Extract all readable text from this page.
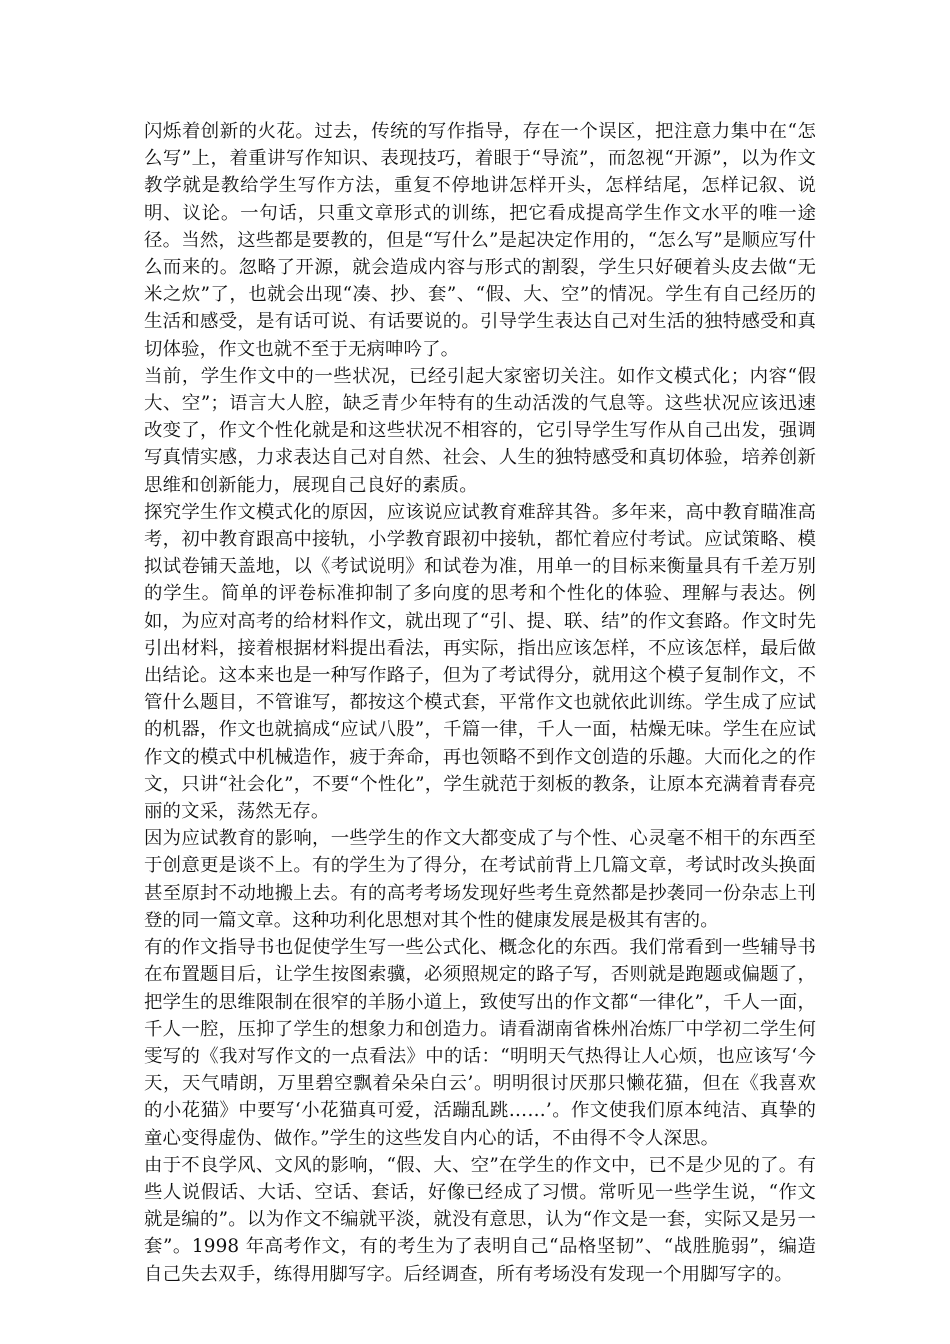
闪烁着创新的火花。过去，传统的写作指导，存在一个误区，把注意力集中在“怎么写”上，着重讲写作知识、表现技巧，着眼于“导流”，而忽视“开源”，以为作文教学就是教给学生写作方法，重复不停地讲怎样开头，怎样结尾，怎样记叙、说明、议论。一句话，只重文章形式的训练，把它看成提高学生作文水平的唯一途径。当然，这些都是要教的，但是“写什么”是起决定作用的，“怎么写”是顺应写什么而来的。忽略了开源，就会造成内容与形式的割裂，学生只好硬着头皮去做“无米之炊”了，也就会出现“凑、抄、套”、“假、大、空”的情况。学生有自己经历的生活和感受，是有话可说、有话要说的。引导学生表达自己对生活的独特感受和真切体验，作文也就不至于无病呻吟了。

当前，学生作文中的一些状况，已经引起大家密切关注。如作文模式化；内容“假大、空”；语言大人腔，缺乏青少年特有的生动活泼的气息等。这些状况应该迅速改变了，作文个性化就是和这些状况不相容的，它引导学生写作从自己出发，强调写真情实感，力求表达自己对自然、社会、人生的独特感受和真切体验，培养创新思维和创新能力，展现自己良好的素质。

探究学生作文模式化的原因，应该说应试教育难辞其咎。多年来，高中教育瞄准高考，初中教育跟高中接轨，小学教育跟初中接轨，都忙着应付考试。应试策略、模拟试卷铺天盖地，以《考试说明》和试卷为准，用单一的目标来衡量具有千差万别的学生。简单的评卷标准抑制了多向度的思考和个性化的体验、理解与表达。例如，为应对高考的给材料作文，就出现了“引、提、联、结”的作文套路。作文时先引出材料，接着根据材料提出看法，再实际，指出应该怎样，不应该怎样，最后做出结论。这本来也是一种写作路子，但为了考试得分，就用这个模子复制作文，不管什么题目，不管谁写，都按这个模式套，平常作文也就依此训练。学生成了应试的机器，作文也就搞成“应试八股”，千篇一律，千人一面，枯燥无味。学生在应试作文的模式中机械造作，疲于奔命，再也领略不到作文创造的乐趣。大而化之的作文，只讲“社会化”，不要“个性化”，学生就范于刻板的教条，让原本充满着青春亮丽的文采，荡然无存。

因为应试教育的影响，一些学生的作文大都变成了与个性、心灵毫不相干的东西至于创意更是谈不上。有的学生为了得分，在考试前背上几篇文章，考试时改头换面甚至原封不动地搬上去。有的高考考场发现好些考生竟然都是抄袭同一份杂志上刊登的同一篇文章。这种功利化思想对其个性的健康发展是极其有害的。

有的作文指导书也促使学生写一些公式化、概念化的东西。我们常看到一些辅导书在布置题目后，让学生按图索骥，必须照规定的路子写，否则就是跑题或偏题了，把学生的思维限制在很窄的羊肠小道上，致使写出的作文都“一律化”，千人一面，千人一腔，压抑了学生的想象力和创造力。请看湖南省株州冶炼厂中学初二学生何雯写的《我对写作文的一点看法》中的话：“明明天气热得让人心烦，也应该写‘今天，天气晴朗，万里碧空飘着朵朵白云’。明明很讨厌那只懒花猫，但在《我喜欢的小花猫》中要写‘小花猫真可爱，活蹦乱跳……’。作文使我们原本纯洁、真挚的童心变得虚伪、做作。”学生的这些发自内心的话，不由得不令人深思。

由于不良学风、文风的影响，“假、大、空”在学生的作文中，已不是少见的了。有些人说假话、大话、空话、套话，好像已经成了习惯。常听见一些学生说，“作文就是编的”。以为作文不编就平淡，就没有意思，认为“作文是一套，实际又是另一套”。1998 年高考作文，有的考生为了表明自己“品格坚韧”、“战胜脆弱”，编造自己失去双手，练得用脚写字。后经调查，所有考场没有发现一个用脚写字的。
